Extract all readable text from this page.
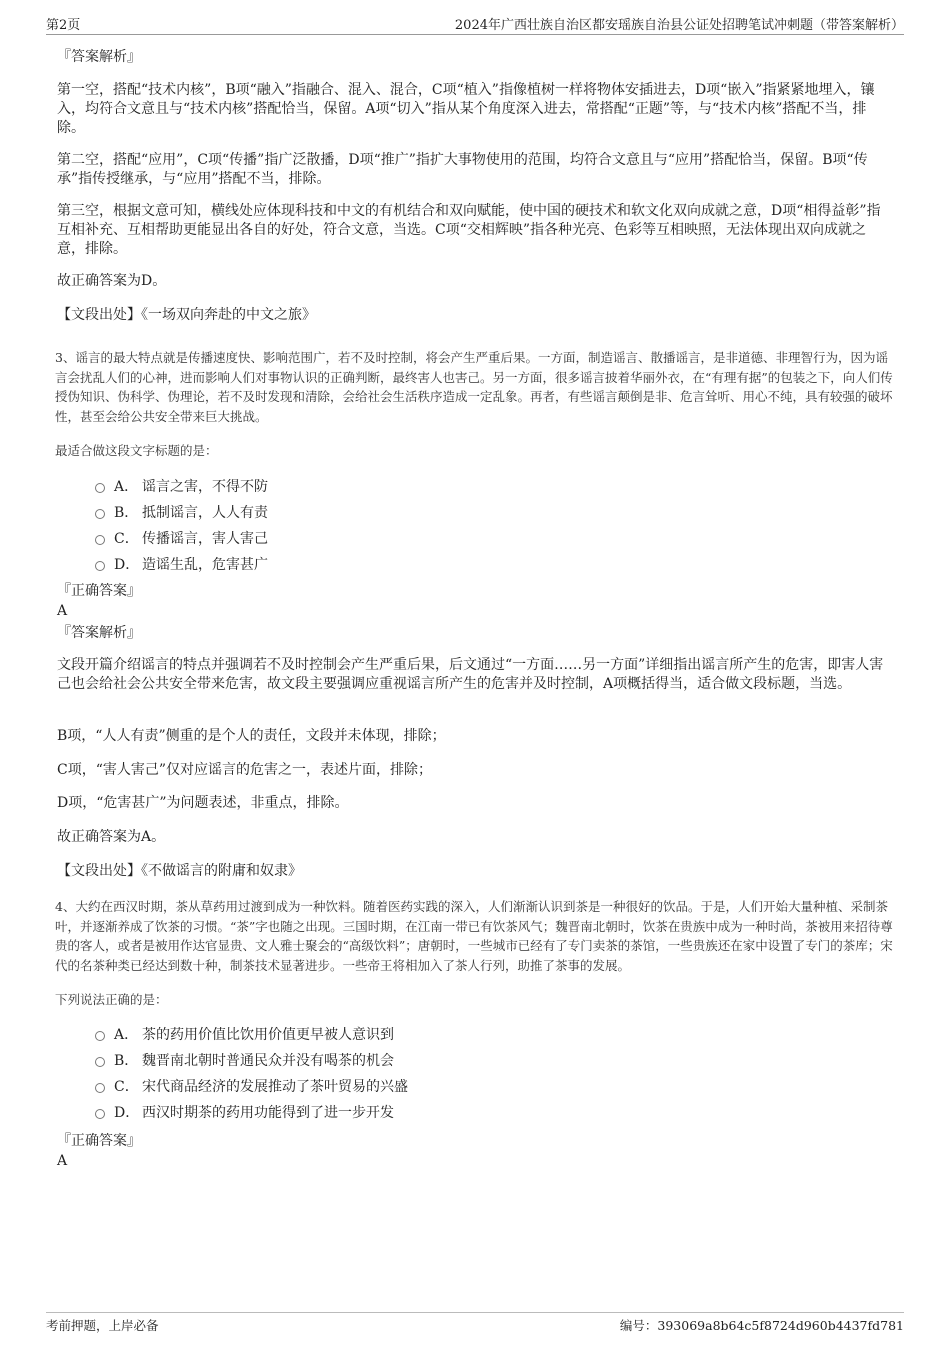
第2页	2024年广西壮族自治区都安瑶族自治县公证处招聘笔试冲刺题（带答案解析）
『答案解析』

第一空，搭配“技术内核”，B项“融入”指融合、混入、混合，C项“植入”指像植树一样将物体安插进去，D项“嵌入”指紧紧地埋入，镶入，均符合文意且与“技术内核”搭配恰当，保留。A项“切入”指从某个角度深入进去，常搭配“正题”等，与“技术内核”搭配不当，排除。

第二空，搭配“应用”，C项“传播”指广泛散播，D项“推广”指扩大事物使用的范围，均符合文意且与“应用”搭配恰当，保留。B项“传承”指传授继承，与“应用”搭配不当，排除。

第三空，根据文意可知，横线处应体现科技和中文的有机结合和双向赋能，使中国的硬技术和软文化双向成就之意，D项“相得益彰”指互相补充、互相帮助更能显出各自的好处，符合文意，当选。C项“交相辉映”指各种光亮、色彩等互相映照，无法体现出双向成就之意，排除。

故正确答案为D。

【文段出处】《一场双向奔赴的中文之旅》

3、谣言的最大特点就是传播速度快、影响范围广，若不及时控制，将会产生严重后果。一方面，制造谣言、散播谣言，是非道德、非理智行为，因为谣言会扰乱人们的心神，进而影响人们对事物认识的正确判断，最终害人也害己。另一方面，很多谣言披着华丽外衣，在“有理有据”的包装之下，向人们传授伪知识、伪科学、伪理论，若不及时发现和清除，会给社会生活秩序造成一定乱象。再者，有些谣言颠倒是非、危言耸听、用心不纯，具有较强的破坏性，甚至会给公共安全带来巨大挑战。

最适合做这段文字标题的是：

A． 谣言之害，不得不防
B． 抵制谣言，人人有责
C． 传播谣言，害人害己
D． 造谣生乱，危害甚广
『正确答案』
A
『答案解析』

文段开篇介绍谣言的特点并强调若不及时控制会产生严重后果，后文通过“一方面……另一方面”详细指出谣言所产生的危害，即害人害己也会给社会公共安全带来危害，故文段主要强调应重视谣言所产生的危害并及时控制，A项概括得当，适合做文段标题，当选。

B项，“人人有责”侧重的是个人的责任，文段并未体现，排除；

C项，“害人害己”仅对应谣言的危害之一，表述片面，排除；

D项，“危害甚广”为问题表述，非重点，排除。

故正确答案为A。

【文段出处】《不做谣言的附庸和奴隶》

4、大约在西汉时期，茶从草药用过渡到成为一种饮料。随着医药实践的深入，人们渐渐认识到茶是一种很好的饮品。于是，人们开始大量种植、采制茶叶，并逐渐养成了饮茶的习惯。“茶”字也随之出现。三国时期，在江南一带已有饮茶风气；魏晋南北朝时，饮茶在贵族中成为一种时尚，茶被用来招待尊贵的客人，或者是被用作达官显贵、文人雅士聚会的“高级饮料”；唐朝时，一些城市已经有了专门卖茶的茶馆，一些贵族还在家中设置了专门的茶库；宋代的名茶种类已经达到数十种，制茶技术显著进步。一些帝王将相加入了茶人行列，助推了茶事的发展。

下列说法正确的是：

A． 茶的药用价值比饮用价值更早被人意识到
B． 魏晋南北朝时普通民众并没有喝茶的机会
C． 宋代商品经济的发展推动了茶叶贸易的兴盛
D． 西汉时期茶的药用功能得到了进一步开发
『正确答案』
A
考前押题，上岸必备	编号：393069a8b64c5f8724d960b4437fd781
